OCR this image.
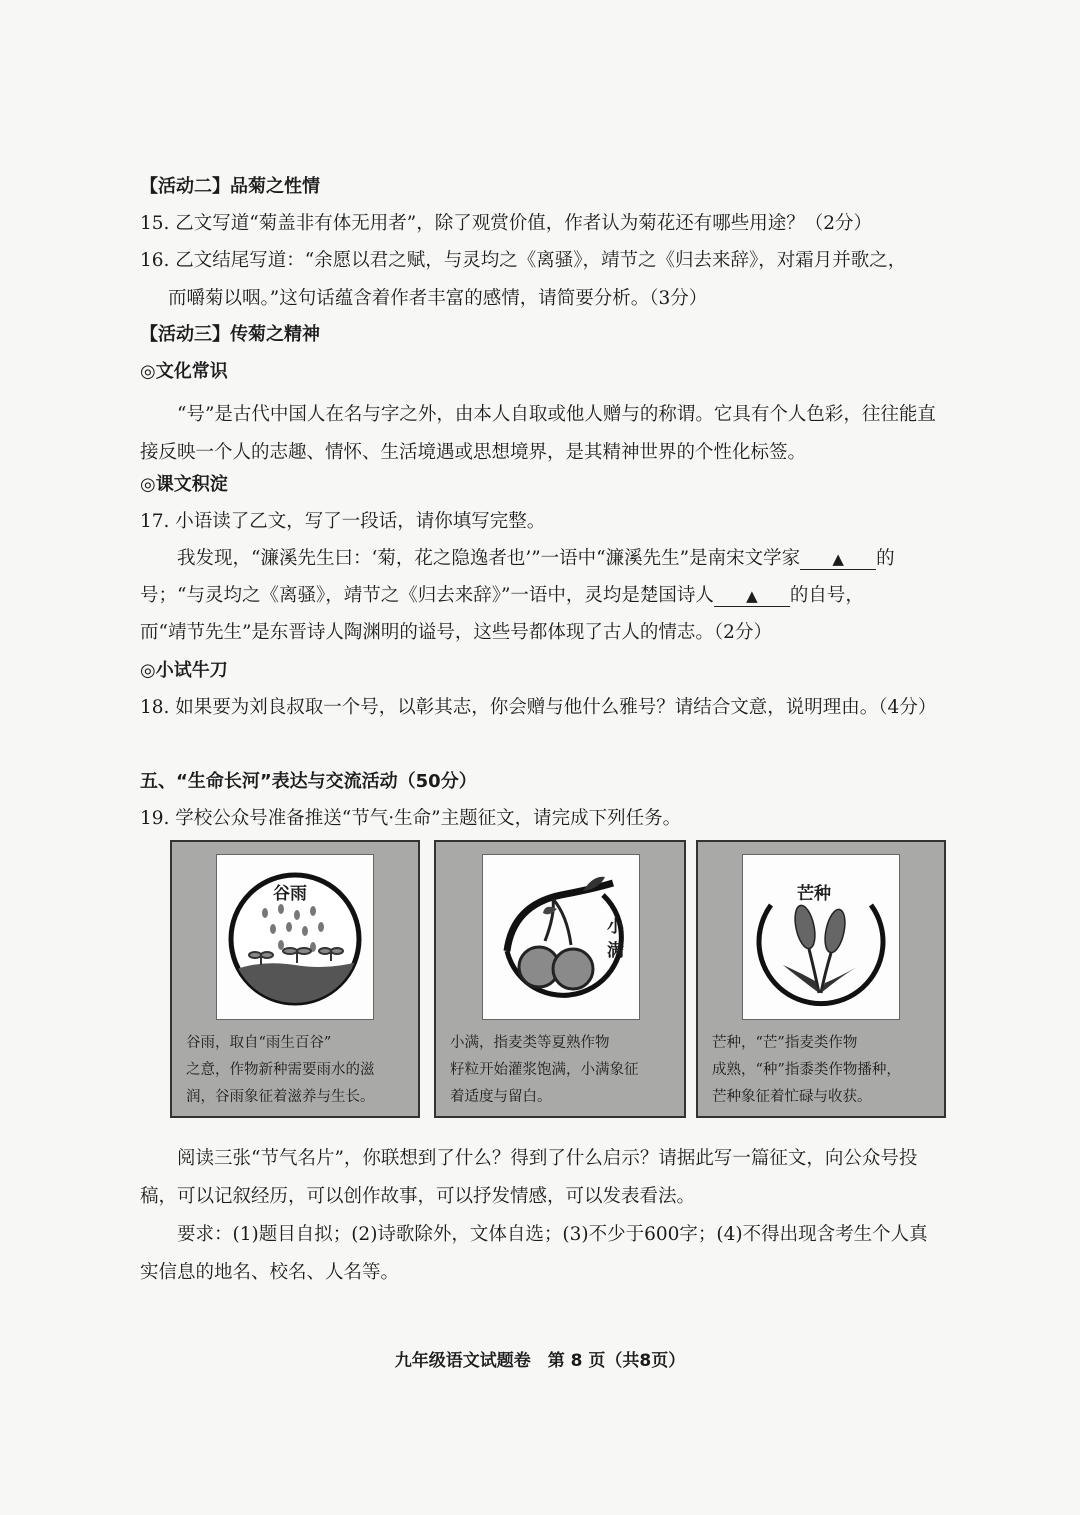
【活动二】品菊之性情
15. 乙文写道“菊盖非有体无用者”，除了观赏价值，作者认为菊花还有哪些用途？（2分）
16. 乙文结尾写道：“余愿以君之赋，与灵均之《离骚》，靖节之《归去来辞》，对霜月并歌之，
而嚼菊以咽。”这句话蕴含着作者丰富的感情，请简要分析。（3分）
【活动三】传菊之精神
◎文化常识
“号”是古代中国人在名与字之外，由本人自取或他人赠与的称谓。它具有个人色彩，往往能直接反映一个人的志趣、情怀、生活境遇或思想境界，是其精神世界的个性化标签。
◎课文积淀
17. 小语读了乙文，写了一段话，请你填写完整。
我发现，“濂溪先生曰：‘菊，花之隐逸者也’”一语中“濂溪先生”是南宋文学家 ▲ 的
号；“与灵均之《离骚》，靖节之《归去来辞》”一语中，灵均是楚国诗人 ▲ 的自号，
而“靖节先生”是东晋诗人陶渊明的谥号，这些号都体现了古人的情志。（2分）
◎小试牛刀
18. 如果要为刘良叔取一个号，以彰其志，你会赠与他什么雅号？请结合文意，说明理由。（4分）
五、“生命长河”表达与交流活动（50分）
19. 学校公众号准备推送“节气·生命”主题征文，请完成下列任务。
谷雨
谷雨，取自“雨生百谷”
之意，作物新种需要雨水的滋
润，谷雨象征着滋养与生长。
小满
小满，指麦类等夏熟作物
籽粒开始灌浆饱满，小满象征
着适度与留白。
芒种
芒种，“芒”指麦类作物
成熟，“种”指黍类作物播种，
芒种象征着忙碌与收获。
阅读三张“节气名片”，你联想到了什么？得到了什么启示？请据此写一篇征文，向公众号投稿，可以记叙经历，可以创作故事，可以抒发情感，可以发表看法。
要求：(1)题目自拟；(2)诗歌除外，文体自选；(3)不少于600字；(4)不得出现含考生个人真实信息的地名、校名、人名等。
九年级语文试题卷　第 8 页（共8页）
